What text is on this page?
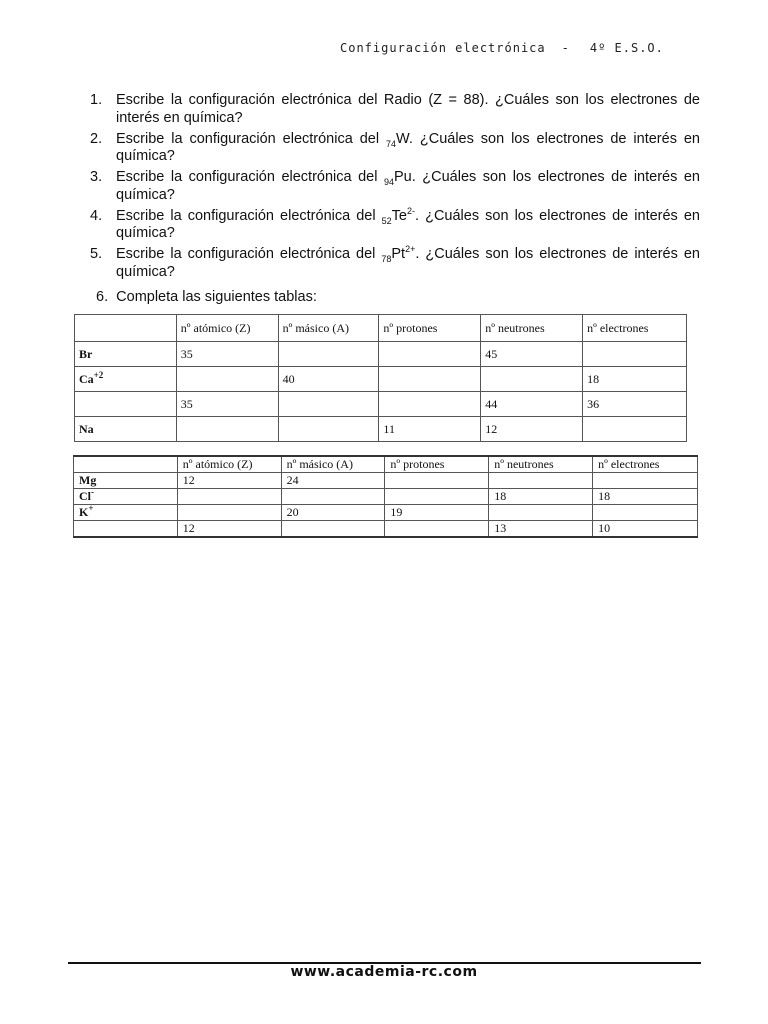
Configuración electrónica - 4º E.S.O.
1. Escribe la configuración electrónica del Radio (Z = 88). ¿Cuáles son los electrones de interés en química?
2. Escribe la configuración electrónica del $_{74}$W. ¿Cuáles son los electrones de interés en química?
3. Escribe la configuración electrónica del $_{94}$Pu. ¿Cuáles son los electrones de interés en química?
4. Escribe la configuración electrónica del $_{52}Te^{2-}$. ¿Cuáles son los electrones de interés en química?
5. Escribe la configuración electrónica del $_{78}Pt^{2+}$. ¿Cuáles son los electrones de interés en química?
6. Completa las siguientes tablas:
	nº atómico (Z)	nº másico (A)	nº protones	nº neutrones	nº electrones
Br	35			45	
$Ca^{+2}$		40			18
	35			44	36
Na			11	12	
	nº atómico (Z)	nº másico (A)	nº protones	nº neutrones	nº electrones
Mg	12	24			
Cl-				18	18
K+		20	19		
	12			13	10
www.academia-rc.com
